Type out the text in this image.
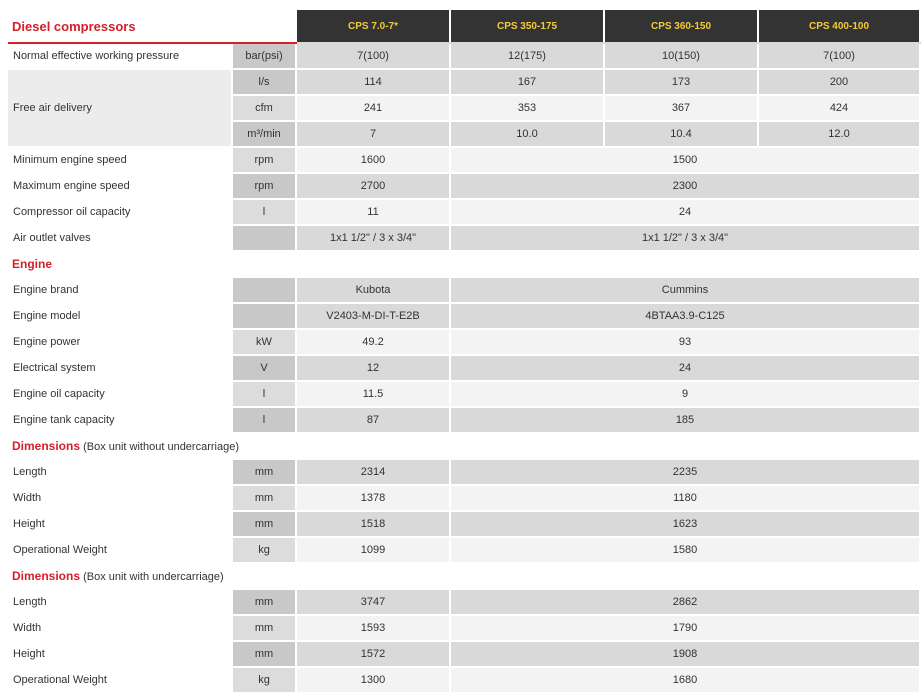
Diesel compressors		CPS 7.0-7*	CPS 350-175	CPS 360-150	CPS 400-100
Normal effective working pressure	bar(psi)	7(100)	12(175)	10(150)	7(100)
Free air delivery	l/s	114	167	173	200
	cfm	241	353	367	424
	m³/min	7	10.0	10.4	12.0
Minimum engine speed	rpm	1600	1500		
Maximum engine speed	rpm	2700	2300		
Compressor oil capacity	l	11	24		
Air outlet valves		1x1 1/2" / 3 x 3/4"	1x1 1/2" / 3 x 3/4"		
Engine					
Engine brand		Kubota	Cummins		
Engine model		V2403-M-DI-T-E2B	4BTAA3.9-C125		
Engine power	kW	49.2	93		
Electrical system	V	12	24		
Engine oil capacity	l	11.5	9		
Engine tank capacity	l	87	185		
Dimensions (Box unit without undercarriage)					
Length	mm	2314	2235		
Width	mm	1378	1180		
Height	mm	1518	1623		
Operational Weight	kg	1099	1580		
Dimensions (Box unit with undercarriage)					
Length	mm	3747	2862		
Width	mm	1593	1790		
Height	mm	1572	1908		
Operational Weight	kg	1300	1680		
